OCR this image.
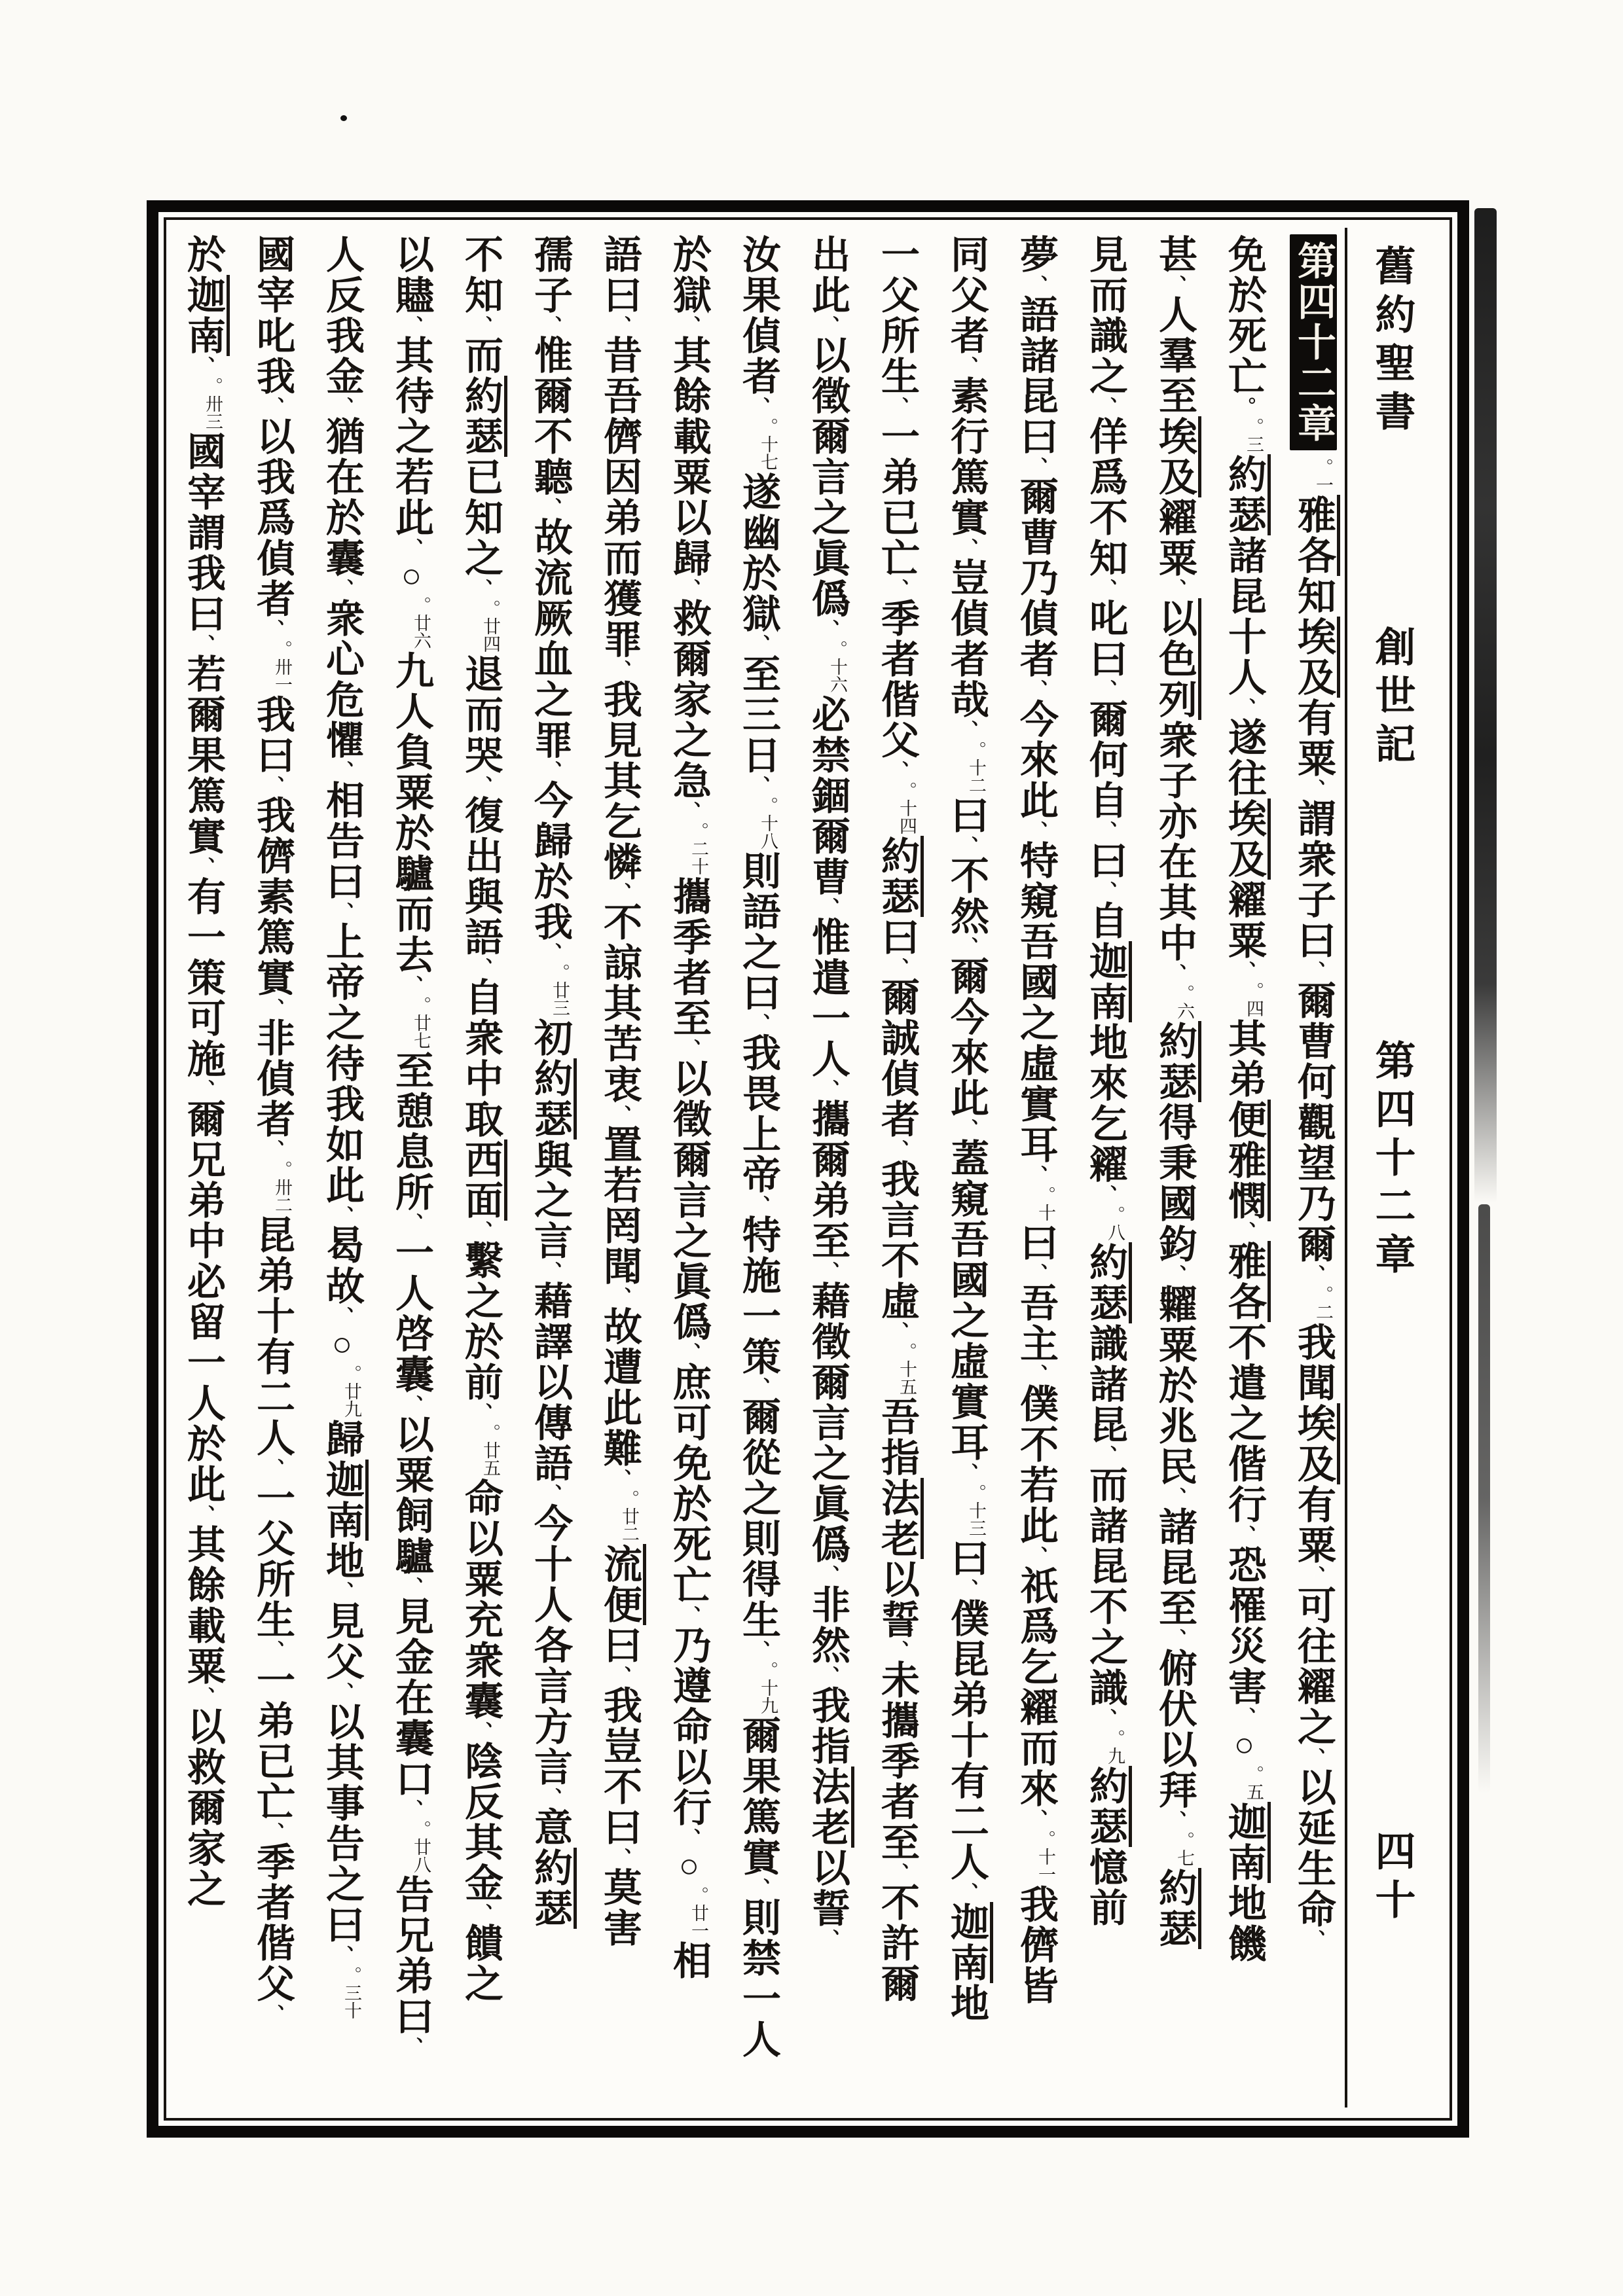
第四十二章。一雅各知埃及有粟、謂衆子曰、爾曹何觀望乃爾、。二我聞埃及有粟、可往糴之、以延生命、
免於死亡。。三約瑟諸昆十人、遂往埃及糴粟、。四其弟便雅憫、雅各不遣之偕行、恐罹災害、○。五迦南地饑
甚、人羣至埃及糴粟、以色列衆子亦在其中、。六約瑟得秉國鈞、糶粟於兆民、諸昆至、俯伏以拜、。七約瑟
見而識之、佯爲不知、叱曰、爾何自、曰、自迦南地來乞糴、。八約瑟識諸昆、而諸昆不之識、。九約瑟憶前
夢、語諸昆曰、爾曹乃偵者、今來此、特窺吾國之虛實耳、。十曰、吾主、僕不若此、祇爲乞糴而來、。十一我儕皆
同父者、素行篤實、豈偵者哉、。十二曰、不然、爾今來此、蓋窺吾國之虛實耳、。十三曰、僕昆弟十有二人、迦南地
一父所生、一弟已亡、季者偕父、。十四約瑟曰、爾誠偵者、我言不虛、。十五吾指法老以誓、未攜季者至、不許爾
出此、以徵爾言之眞僞、。十六必禁錮爾曹、惟遣一人、攜爾弟至、藉徵爾言之眞僞、非然、我指法老以誓、
汝果偵者、。十七遂幽於獄、至三日、。十八則語之曰、我畏上帝、特施一策、爾從之則得生、。十九爾果篤實、則禁一人
於獄、其餘載粟以歸、救爾家之急、。二十攜季者至、以徵爾言之眞僞、庶可免於死亡、乃遵命以行、○。廿一相
語曰、昔吾儕因弟而獲罪、我見其乞憐、不諒其苦衷、置若罔聞、故遭此難、。廿二流便曰、我豈不曰、莫害
孺子、惟爾不聽、故流厥血之罪、今歸於我、。廿三初約瑟與之言、藉譯以傳語、今十人各言方言、意約瑟
不知、而約瑟已知之、。廿四退而哭、復出與語、自衆中取西面、繫之於前、。廿五命以粟充衆囊、陰反其金、饋之
以贐、其待之若此、○。廿六九人負粟於驢而去、。廿七至憩息所、一人啓囊、以粟飼驢、見金在囊口、。廿八告兄弟曰、
人反我金、猶在於囊、衆心危懼、相告曰、上帝之待我如此、曷故、○。廿九歸迦南地、見父、以其事告之曰、。三十
國宰叱我、以我爲偵者、。卅一我曰、我儕素篤實、非偵者、。卅二昆弟十有二人、一父所生、一弟已亡、季者偕父、
於迦南、。卅三國宰謂我曰、若爾果篤實、有一策可施、爾兄弟中必留一人於此、其餘載粟、以救爾家之
舊約聖書
創世記
第四十二章
四十
